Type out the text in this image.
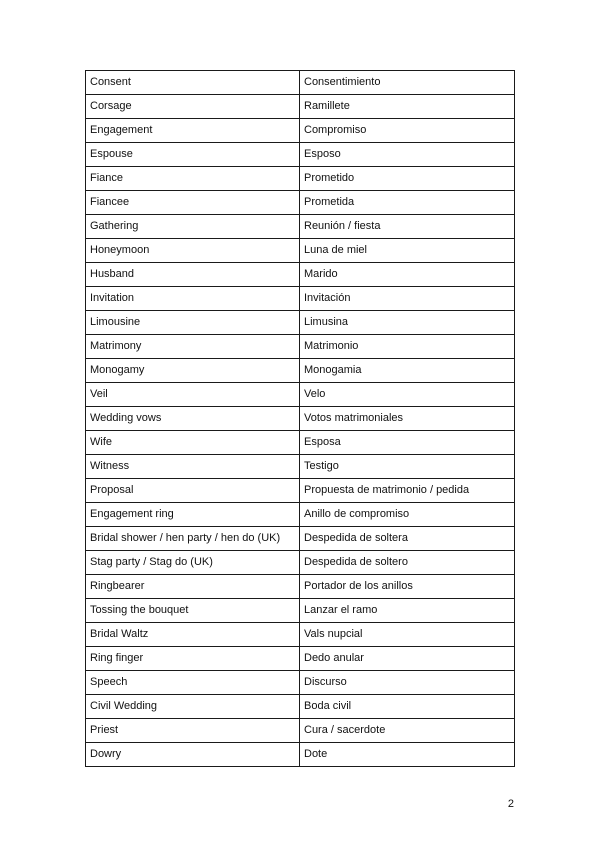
Consent	Consentimiento
Corsage	Ramillete
Engagement	Compromiso
Espouse	Esposo
Fiance	Prometido
Fiancee	Prometida
Gathering	Reunión / fiesta
Honeymoon	Luna de miel
Husband	Marido
Invitation	Invitación
Limousine	Limusina
Matrimony	Matrimonio
Monogamy	Monogamia
Veil	Velo
Wedding vows	Votos matrimoniales
Wife	Esposa
Witness	Testigo
Proposal	Propuesta de matrimonio / pedida
Engagement ring	Anillo de compromiso
Bridal shower / hen party / hen do (UK)	Despedida de soltera
Stag party / Stag do (UK)	Despedida de soltero
Ringbearer	Portador de los anillos
Tossing the bouquet	Lanzar el ramo
Bridal Waltz	Vals nupcial
Ring finger	Dedo anular
Speech	Discurso
Civil Wedding	Boda civil
Priest	Cura / sacerdote
Dowry	Dote
2
